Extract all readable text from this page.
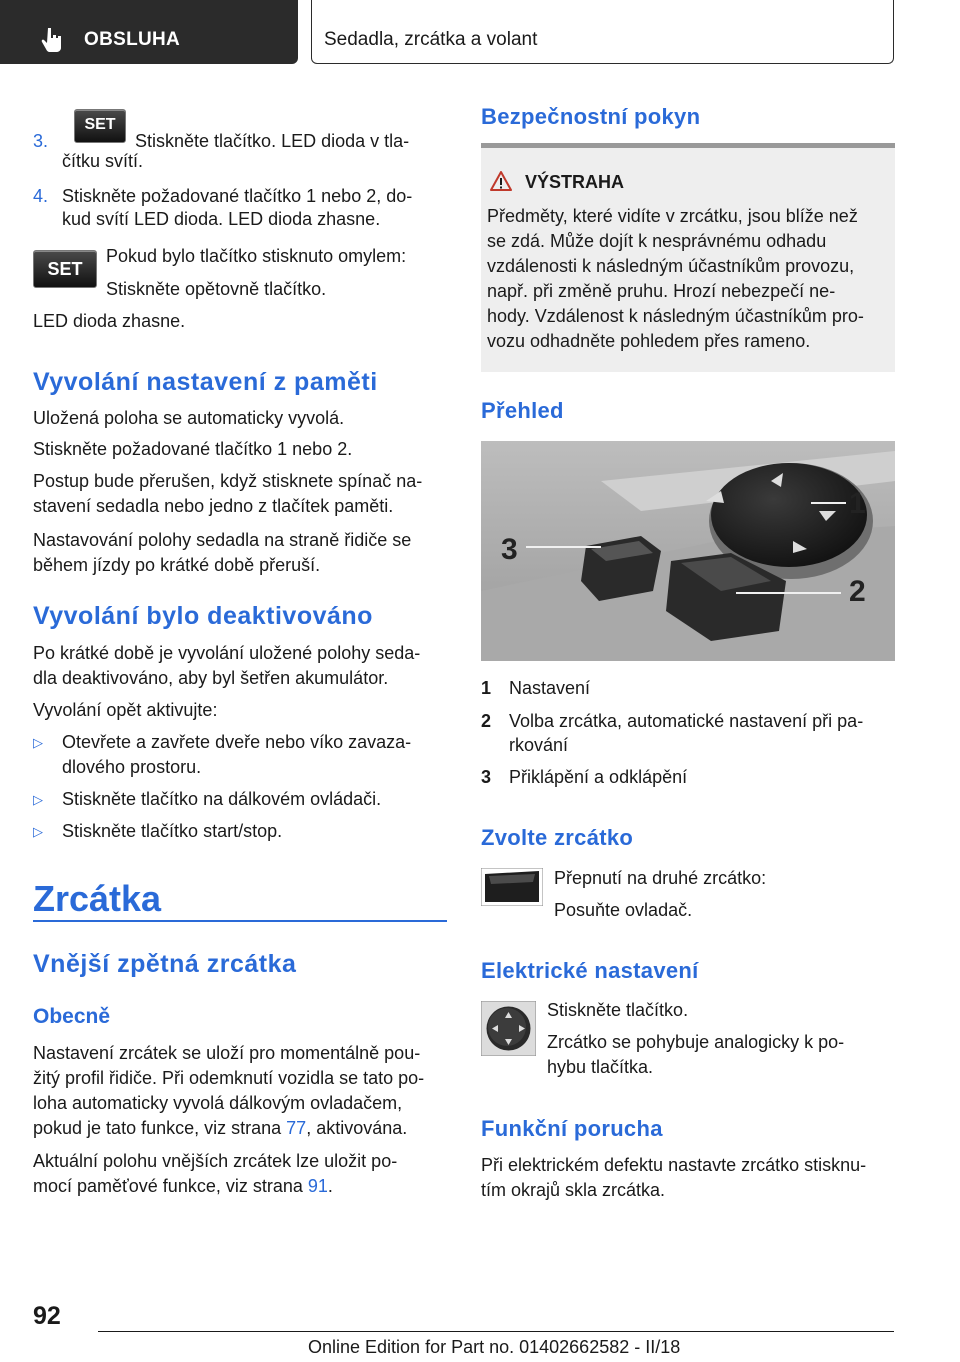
OBSLUHA	Sedadla, zrcátka a volant
3.
SET
Stiskněte tlačítko. LED dioda v tla-
čítku svítí.
4. Stiskněte požadované tlačítko 1 nebo 2, do-
kud svítí LED dioda. LED dioda zhasne.
SET
Pokud bylo tlačítko stisknuto omylem:
Stiskněte opětovně tlačítko.
LED dioda zhasne.
Vyvolání nastavení z paměti
Uložená poloha se automaticky vyvolá.
Stiskněte požadované tlačítko 1 nebo 2.
Postup bude přerušen, když stisknete spínač na-
stavení sedadla nebo jedno z tlačítek paměti.
Nastavování polohy sedadla na straně řidiče se
během jízdy po krátké době přeruší.
Vyvolání bylo deaktivováno
Po krátké době je vyvolání uložené polohy seda-
dla deaktivováno, aby byl šetřen akumulátor.
Vyvolání opět aktivujte:
▷ Otevřete a zavřete dveře nebo víko zavaza-
dlového prostoru.
▷ Stiskněte tlačítko na dálkovém ovládači.
▷ Stiskněte tlačítko start/stop.
Zrcátka
Vnější zpětná zrcátka
Obecně
Nastavení zrcátek se uloží pro momentálně pou-
žitý profil řidiče. Při odemknutí vozidla se tato po-
loha automaticky vyvolá dálkovým ovladačem,
pokud je tato funkce, viz strana 77, aktivována.
Aktuální polohu vnějších zrcátek lze uložit po-
mocí paměťové funkce, viz strana 91.
Bezpečnostní pokyn
VÝSTRAHA
Předměty, které vidíte v zrcátku, jsou blíže než
se zdá. Může dojít k nesprávnému odhadu
vzdálenosti k následným účastníkům provozu,
např. při změně pruhu. Hrozí nebezpečí ne-
hody. Vzdálenost k následným účastníkům pro-
vozu odhadněte pohledem přes rameno.
Přehled
1
2
3
1 Nastavení
2 Volba zrcátka, automatické nastavení při pa-
rkování
3 Přiklápění a odklápění
Zvolte zrcátko
Přepnutí na druhé zrcátko:
Posuňte ovladač.
Elektrické nastavení
Stiskněte tlačítko.
Zrcátko se pohybuje analogicky k po-
hybu tlačítka.
Funkční porucha
Při elektrickém defektu nastavte zrcátko stisknu-
tím okrajů skla zrcátka.
92
Online Edition for Part no. 01402662582 - II/18
